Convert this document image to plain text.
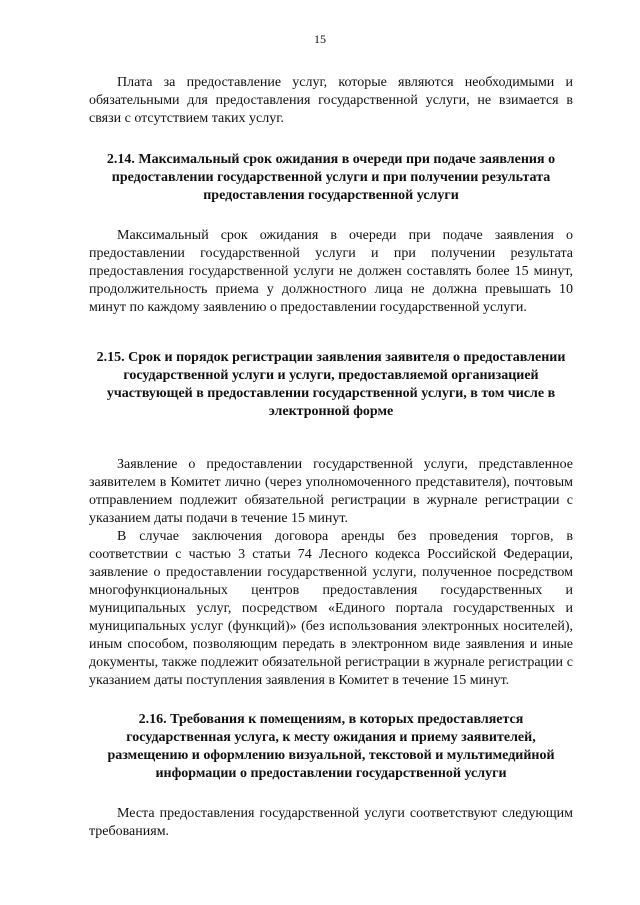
15

Плата за предоставление услуг, которые являются необходимыми и обязательными для предоставления государственной услуги, не взимается в связи с отсутствием таких услуг.

2.14. Максимальный срок ожидания в очереди при подаче заявления о предоставлении государственной услуги и при получении результата предоставления государственной услуги

Максимальный срок ожидания в очереди при подаче заявления о предоставлении государственной услуги и при получении результата предоставления государственной услуги не должен составлять более 15 минут, продолжительность приема у должностного лица не должна превышать 10 минут по каждому заявлению о предоставлении государственной услуги.

2.15. Срок и порядок регистрации заявления заявителя о предоставлении государственной услуги и услуги, предоставляемой организацией участвующей в предоставлении государственной услуги, в том числе в электронной форме

Заявление о предоставлении государственной услуги, представленное заявителем в Комитет лично (через уполномоченного представителя), почтовым отправлением подлежит обязательной регистрации в журнале регистрации с указанием даты подачи в течение 15 минут.

В случае заключения договора аренды без проведения торгов, в соответствии с частью 3 статьи 74 Лесного кодекса Российской Федерации, заявление о предоставлении государственной услуги, полученное посредством многофункциональных центров предоставления государственных и муниципальных услуг, посредством «Единого портала государственных и муниципальных услуг (функций)» (без использования электронных носителей), иным способом, позволяющим передать в электронном виде заявления и иные документы, также подлежит обязательной регистрации в журнале регистрации с указанием даты поступления заявления в Комитет в течение 15 минут.

2.16. Требования к помещениям, в которых предоставляется государственная услуга, к месту ожидания и приему заявителей, размещению и оформлению визуальной, текстовой и мультимедийной информации о предоставлении государственной услуги

Места предоставления государственной услуги соответствуют следующим требованиям.
